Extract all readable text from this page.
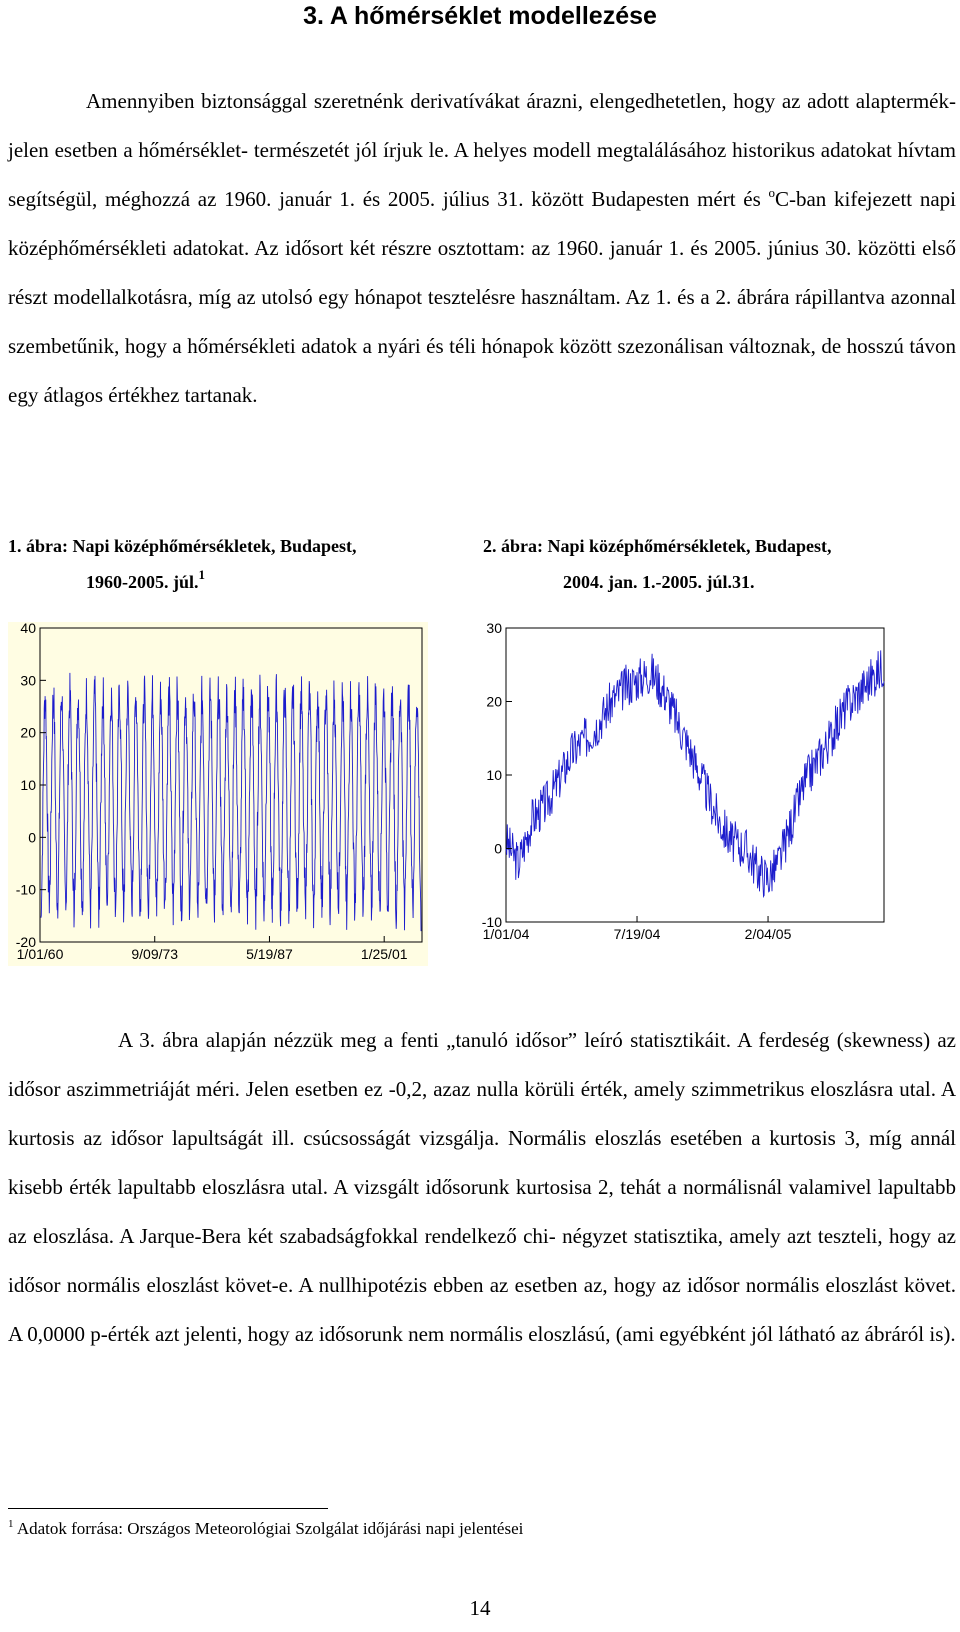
3. A hőmérséklet modellezése

Amennyiben biztonsággal szeretnénk derivatívákat árazni, elengedhetetlen, hogy az adott alaptermék- jelen esetben a hőmérséklet- természetét jól írjuk le. A helyes modell megtalálásához historikus adatokat hívtam segítségül, méghozzá az 1960. január 1. és 2005. július 31. között Budapesten mért és $^o$C-ban kifejezett napi középhőmérsékleti adatokat. Az idősort két részre osztottam: az 1960. január 1. és 2005. június 30. közötti első részt modellalkotásra, míg az utolsó egy hónapot tesztelésre használtam. Az 1. és a 2. ábrára rápillantva azonnal szembetűnik, hogy a hőmérsékleti adatok a nyári és téli hónapok között szezonálisan változnak, de hosszú távon egy átlagos értékhez tartanak.

1. ábra: Napi középhőmérsékletek, Budapest,
1960-2005. júl.$^1$
2. ábra: Napi középhőmérsékletek, Budapest,
2004. jan. 1.-2005. júl.31.
40
30
20
10
0
-10
-20
1/01/60	9/09/73	5/19/87	1/25/01
30
20
10
0
-10
1/01/04	7/19/04	2/04/05

A 3. ábra alapján nézzük meg a fenti „tanuló idősor” leíró statisztikáit. A ferdeség (skewness) az idősor aszimmetriáját méri. Jelen esetben ez -0,2, azaz nulla körüli érték, amely szimmetrikus eloszlásra utal. A kurtosis az idősor lapultságát ill. csúcsosságát vizsgálja. Normális eloszlás esetében a kurtosis 3, míg annál kisebb érték lapultabb eloszlásra utal. A vizsgált idősorunk kurtosisa 2, tehát a normálisnál valamivel lapultabb az eloszlása. A Jarque-Bera két szabadságfokkal rendelkező chi- négyzet statisztika, amely azt teszteli, hogy az idősor normális eloszlást követ-e. A nullhipotézis ebben az esetben az, hogy az idősor normális eloszlást követ. A 0,0000 p-érték azt jelenti, hogy az idősorunk nem normális eloszlású, (ami egyébként jól látható az ábráról is).

$^1$ Adatok forrása: Országos Meteorológiai Szolgálat időjárási napi jelentései
14
